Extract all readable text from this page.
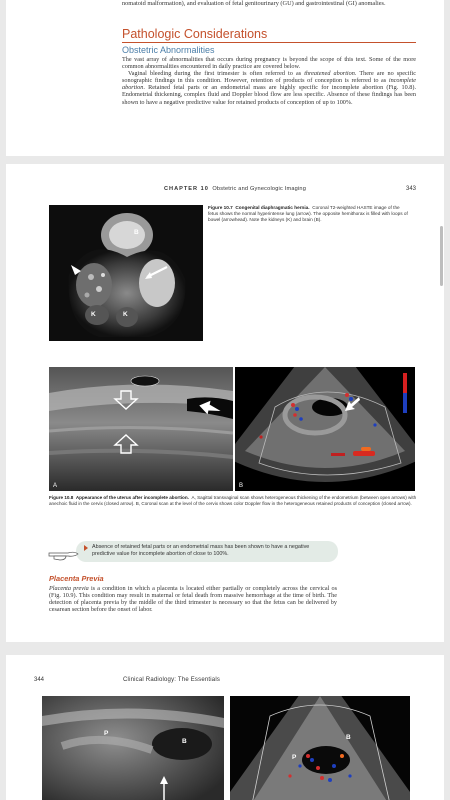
nomatoid malformation), and evaluation of fetal genitourinary (GU) and gastrointestinal (GI) anomalies.
Pathologic Considerations
Obstetric Abnormalities

The vast array of abnormalities that occurs during pregnancy is beyond the scope of this text. Some of the more common abnormalities encountered in daily practice are covered below.

Vaginal bleeding during the first trimester is often referred to as threatened abortion. There are no specific sonographic findings in this condition. However, retention of products of conception is referred to as incomplete abortion. Retained fetal parts or an endometrial mass are highly specific for incomplete abortion (Fig. 10.8). Endometrial thickening, complex fluid and Doppler blood flow are less specific. Absence of these findings has been shown to have a negative predictive value for retained products of conception of up to 100%.

CHAPTER 10 Obstetric and Gynecologic Imaging	343
B
K	K
Figure 10.7 Congenital diaphragmatic hernia. Coronal T2-weighted HASTE image of the fetus shows the normal hyperintense lung (arrow). The opposite hemithorax is filled with loops of bowel (arrowhead). Note the kidneys (K) and brain (B).
A	B
Figure 10.8 Appearance of the uterus after incomplete abortion. A, Sagittal transvaginal scan shows heterogeneous thickening of the endometrium (between open arrows) with anechoic fluid in the cervix (closed arrow). B, Coronal scan at the level of the cervix shows color Doppler flow in the heterogeneous retained products of conception (closed arrow).
Absence of retained fetal parts or an endometrial mass has been shown to have a negative predictive value for incomplete abortion of close to 100%.
Placenta Previa
Placenta previa is a condition in which a placenta is located either partially or completely across the cervical os (Fig. 10.9). This condition may result in maternal or fetal death from massive hemorrhage at the time of birth. The detection of placenta previa by the middle of the third trimester is necessary so that the fetus can be delivered by cesarean section before the onset of labor.
344	Clinical Radiology: The Essentials
P
B
B
P
